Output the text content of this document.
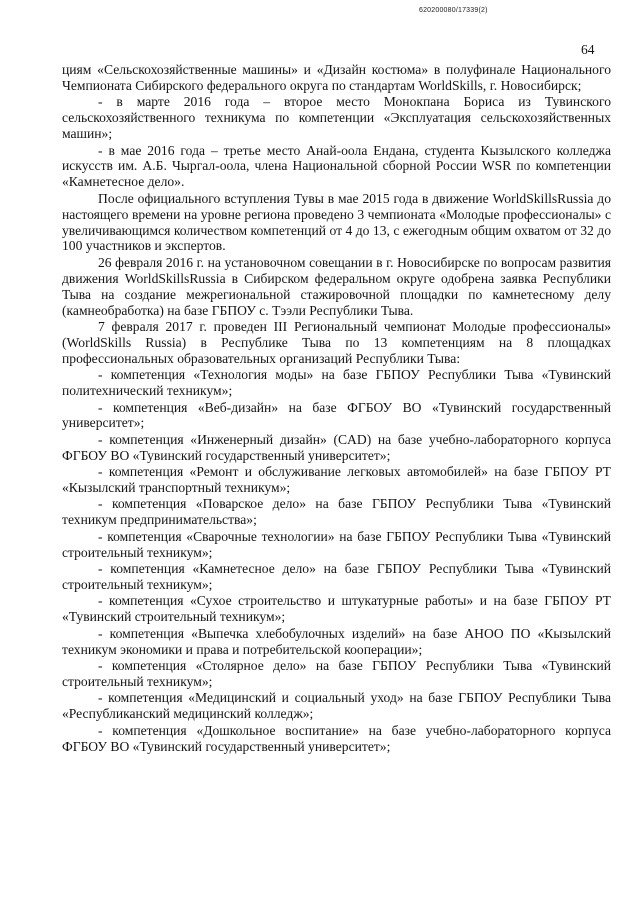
620200080/17339(2)
64

циям «Сельскохозяйственные машины» и «Дизайн костюма» в полуфинале Национального Чемпионата Сибирского федерального округа по стандартам WorldSkills, г. Новосибирск;

- в марте 2016 года – второе место Монокпана Бориса из Тувинского сельскохозяйственного техникума по компетенции «Эксплуатация сельскохозяйственных машин»;

- в мае 2016 года – третье место Анай-оола Ендана, студента Кызылского колледжа искусств им. А.Б. Чыргал-оола, члена Национальной сборной России WSR по компетенции «Камнетесное дело».

После официального вступления Тувы в мае 2015 года в движение WorldSkillsRussia до настоящего времени на уровне региона проведено 3 чемпионата «Молодые профессионалы» с увеличивающимся количеством компетенций от 4 до 13, с ежегодным общим охватом от 32 до 100 участников и экспертов.

26 февраля 2016 г. на установочном совещании в г. Новосибирске по вопросам развития движения WorldSkillsRussia в Сибирском федеральном округе одобрена заявка Республики Тыва на создание межрегиональной стажировочной площадки по камнетесному делу (камнеобработка) на базе ГБПОУ с. Тээли Республики Тыва.

7 февраля 2017 г. проведен III Региональный чемпионат Молодые профессионалы» (WorldSkills Russia) в Республике Тыва по 13 компетенциям на 8 площадках профессиональных образовательных организаций Республики Тыва:

- компетенция «Технология моды» на базе ГБПОУ Республики Тыва «Тувинский политехнический техникум»;

- компетенция «Веб-дизайн» на базе ФГБОУ ВО «Тувинский государственный университет»;

- компетенция «Инженерный дизайн» (CAD) на базе учебно-лабораторного корпуса ФГБОУ ВО «Тувинский государственный университет»;

- компетенция «Ремонт и обслуживание легковых автомобилей» на базе ГБПОУ РТ «Кызылский транспортный техникум»;

- компетенция «Поварское дело» на базе ГБПОУ Республики Тыва «Тувинский техникум предпринимательства»;

- компетенция «Сварочные технологии» на базе ГБПОУ Республики Тыва «Тувинский строительный техникум»;

- компетенция «Камнетесное дело» на базе ГБПОУ Республики Тыва «Тувинский строительный техникум»;

- компетенция «Сухое строительство и штукатурные работы» и на базе ГБПОУ РТ «Тувинский строительный техникум»;

- компетенция «Выпечка хлебобулочных изделий» на базе АНОО ПО «Кызылский техникум экономики и права и потребительской кооперации»;

- компетенция «Столярное дело» на базе ГБПОУ Республики Тыва «Тувинский строительный техникум»;

- компетенция «Медицинский и социальный уход» на базе ГБПОУ Республики Тыва «Республиканский медицинский колледж»;

- компетенция «Дошкольное воспитание» на базе учебно-лабораторного корпуса ФГБОУ ВО «Тувинский государственный университет»;
